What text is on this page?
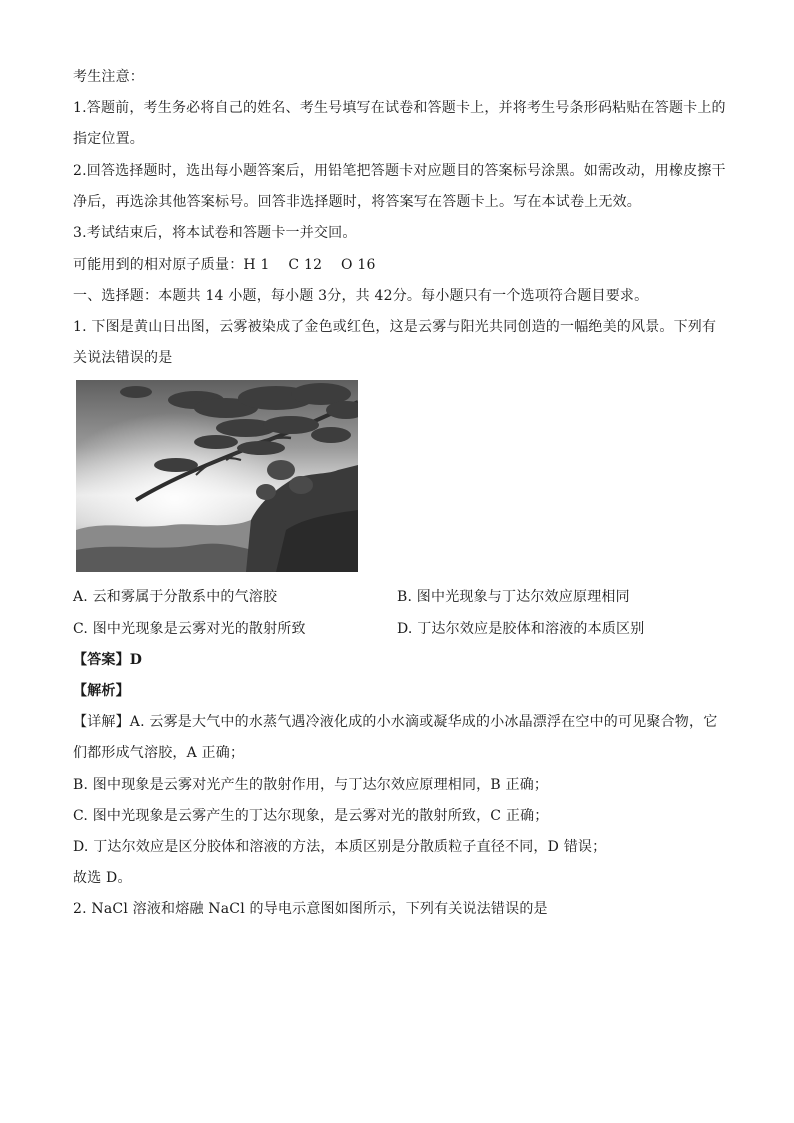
考生注意：
1.答题前，考生务必将自己的姓名、考生号填写在试卷和答题卡上，并将考生号条形码粘贴在答题卡上的
指定位置。
2.回答选择题时，选出每小题答案后，用铅笔把答题卡对应题目的答案标号涂黑。如需改动，用橡皮擦干
净后，再选涂其他答案标号。回答非选择题时，将答案写在答题卡上。写在本试卷上无效。
3.考试结束后，将本试卷和答题卡一并交回。
可能用到的相对原子质量：H 1　 C 12　 O 16
一、选择题：本题共 14 小题，每小题 3分，共 42分。每小题只有一个选项符合题目要求。
1. 下图是黄山日出图，云雾被染成了金色或红色，这是云雾与阳光共同创造的一幅绝美的风景。下列有
关说法错误的是
A. 云和雾属于分散系中的气溶胶	B. 图中光现象与丁达尔效应原理相同
C. 图中光现象是云雾对光的散射所致	D. 丁达尔效应是胶体和溶液的本质区别
【答案】D
【解析】
【详解】A. 云雾是大气中的水蒸气遇冷液化成的小水滴或凝华成的小冰晶漂浮在空中的可见聚合物，它
们都形成气溶胶，A 正确；
B. 图中现象是云雾对光产生的散射作用，与丁达尔效应原理相同，B 正确；
C. 图中光现象是云雾产生的丁达尔现象，是云雾对光的散射所致，C 正确；
D. 丁达尔效应是区分胶体和溶液的方法，本质区别是分散质粒子直径不同，D 错误；
故选 D。
2. NaCl 溶液和熔融 NaCl 的导电示意图如图所示，下列有关说法错误的是
